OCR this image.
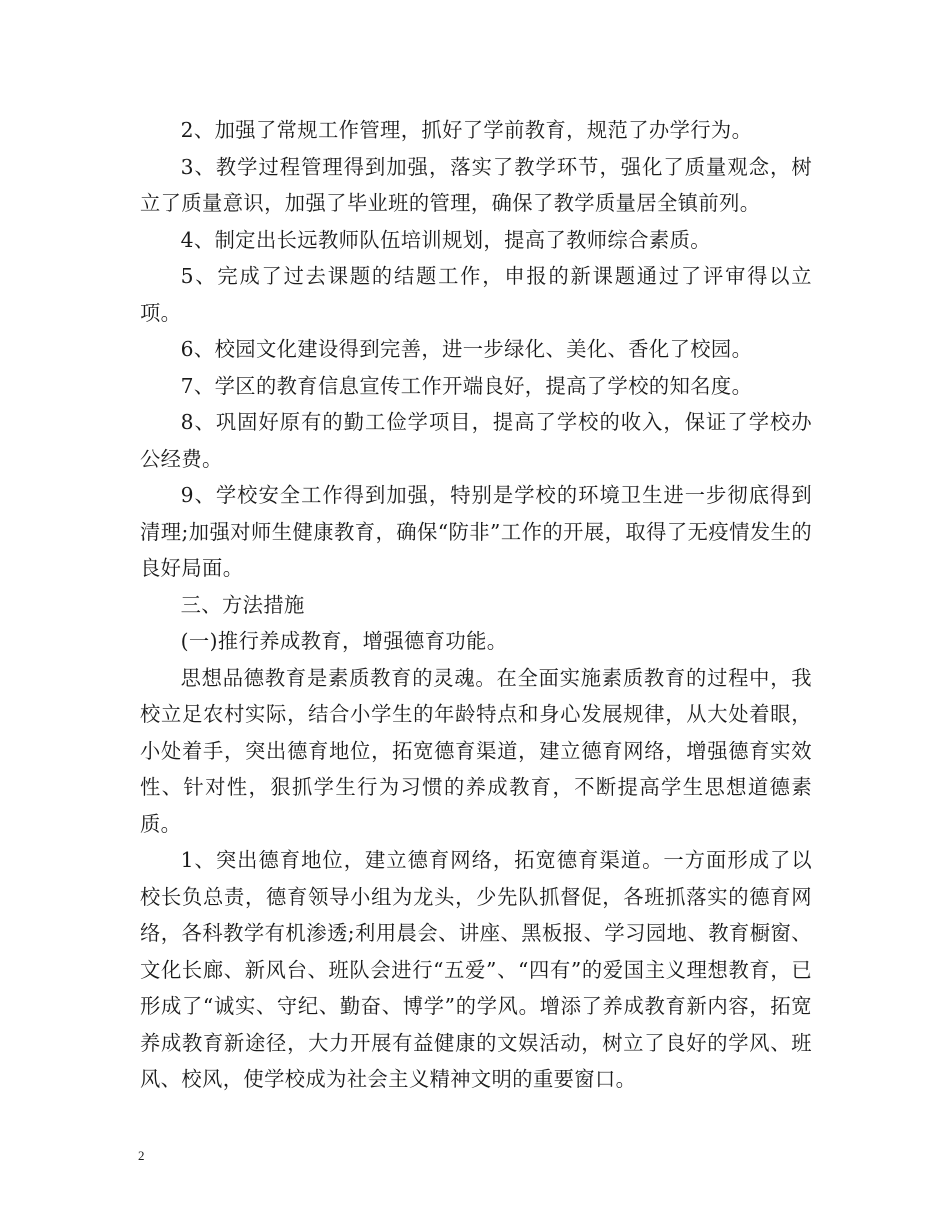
2、加强了常规工作管理，抓好了学前教育，规范了办学行为。

3、教学过程管理得到加强，落实了教学环节，强化了质量观念，树立了质量意识，加强了毕业班的管理，确保了教学质量居全镇前列。

4、制定出长远教师队伍培训规划，提高了教师综合素质。

5、完成了过去课题的结题工作，申报的新课题通过了评审得以立项。

6、校园文化建设得到完善，进一步绿化、美化、香化了校园。

7、学区的教育信息宣传工作开端良好，提高了学校的知名度。

8、巩固好原有的勤工俭学项目，提高了学校的收入，保证了学校办公经费。

9、学校安全工作得到加强，特别是学校的环境卫生进一步彻底得到清理;加强对师生健康教育，确保“防非”工作的开展，取得了无疫情发生的良好局面。

三、方法措施

(一)推行养成教育，增强德育功能。

思想品德教育是素质教育的灵魂。在全面实施素质教育的过程中，我校立足农村实际，结合小学生的年龄特点和身心发展规律，从大处着眼，小处着手，突出德育地位，拓宽德育渠道，建立德育网络，增强德育实效性、针对性，狠抓学生行为习惯的养成教育，不断提高学生思想道德素质。

1、突出德育地位，建立德育网络，拓宽德育渠道。一方面形成了以校长负总责，德育领导小组为龙头，少先队抓督促，各班抓落实的德育网络，各科教学有机渗透;利用晨会、讲座、黑板报、学习园地、教育橱窗、文化长廊、新风台、班队会进行“五爱”、“四有”的爱国主义理想教育，已形成了“诚实、守纪、勤奋、博学”的学风。增添了养成教育新内容，拓宽养成教育新途径，大力开展有益健康的文娱活动，树立了良好的学风、班风、校风，使学校成为社会主义精神文明的重要窗口。

2
